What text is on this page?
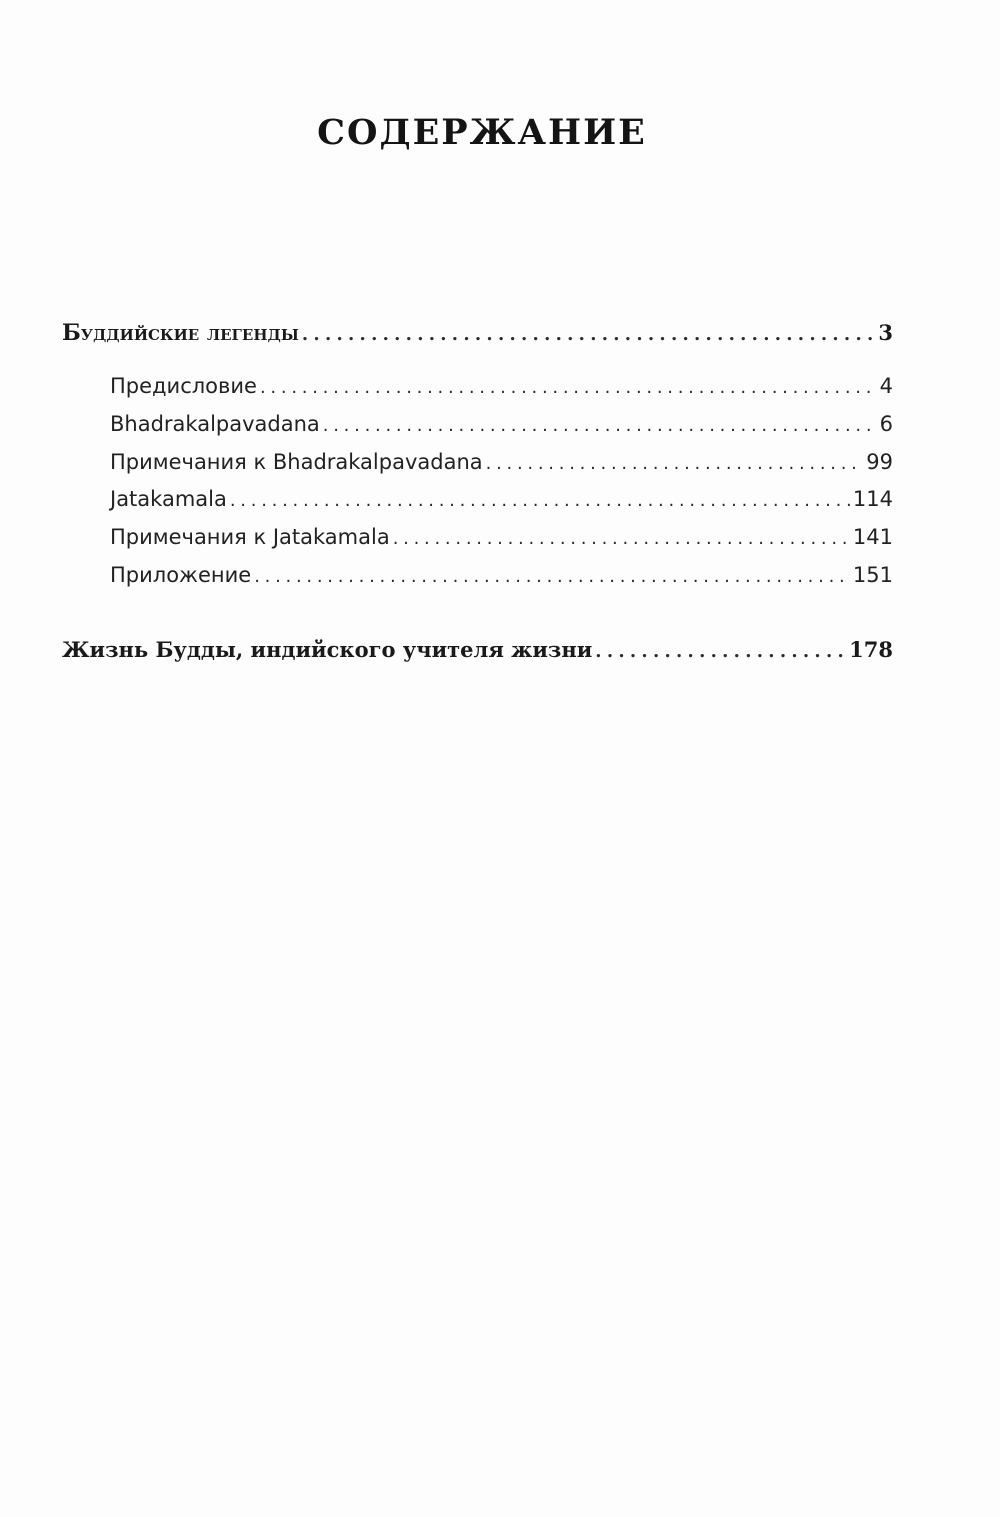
СОДЕРЖАНИЕ
Буддийские легенды . . .	3
Предисловие . . .	4
Bhadrakalpavadana . . .	6
Примечания к Bhadrakalpavadana . . .	99
Jatakamala . . .	114
Примечания к Jatakamala . . .	141
Приложение . . .	151
Жизнь Будды, индийского учителя жизни . . .	178
